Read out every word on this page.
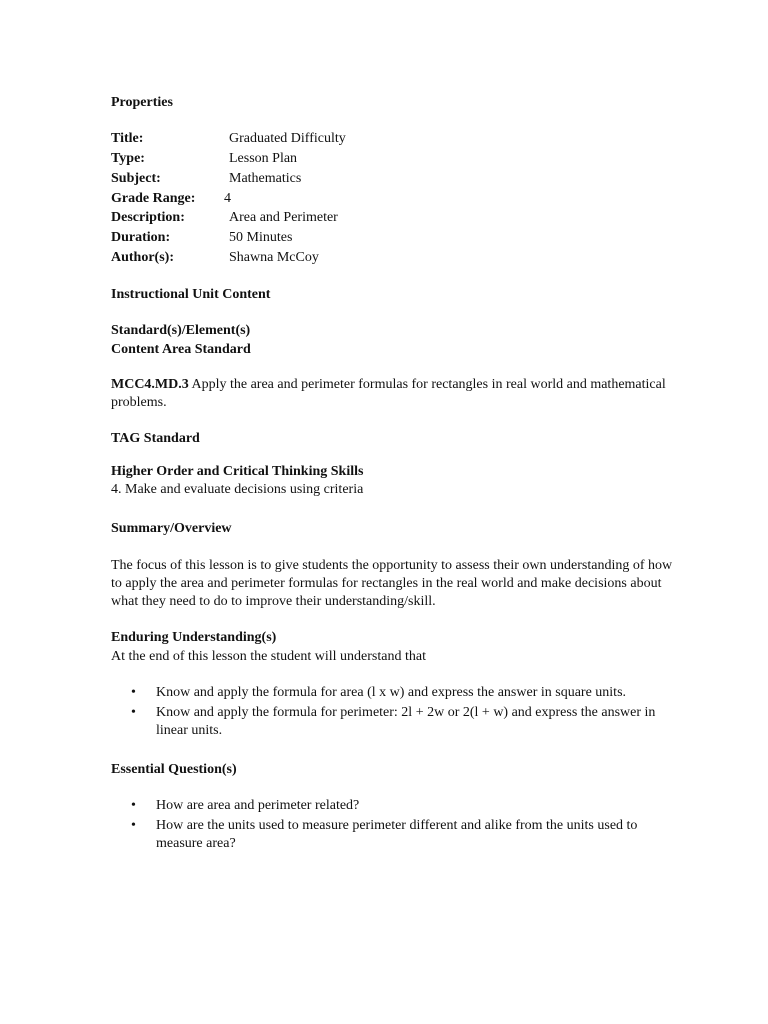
Properties
Title:	Graduated Difficulty
Type:	Lesson Plan
Subject:	Mathematics
Grade Range: 4
Description:	Area and Perimeter
Duration:	50 Minutes
Author(s):	Shawna McCoy
Instructional Unit Content
Standard(s)/Element(s)
Content Area Standard
MCC4.MD.3 Apply the area and perimeter formulas for rectangles in real world and mathematical problems.
TAG Standard
Higher Order and Critical Thinking Skills
4. Make and evaluate decisions using criteria
Summary/Overview
The focus of this lesson is to give students the opportunity to assess their own understanding of how to apply the area and perimeter formulas for rectangles in the real world and make decisions about what they need to do to improve their understanding/skill.
Enduring Understanding(s)
At the end of this lesson the student will understand that
• Know and apply the formula for area (l x w) and express the answer in square units.
• Know and apply the formula for perimeter: 2l + 2w or 2(l + w) and express the answer in linear units.
Essential Question(s)
• How are area and perimeter related?
• How are the units used to measure perimeter different and alike from the units used to measure area?
